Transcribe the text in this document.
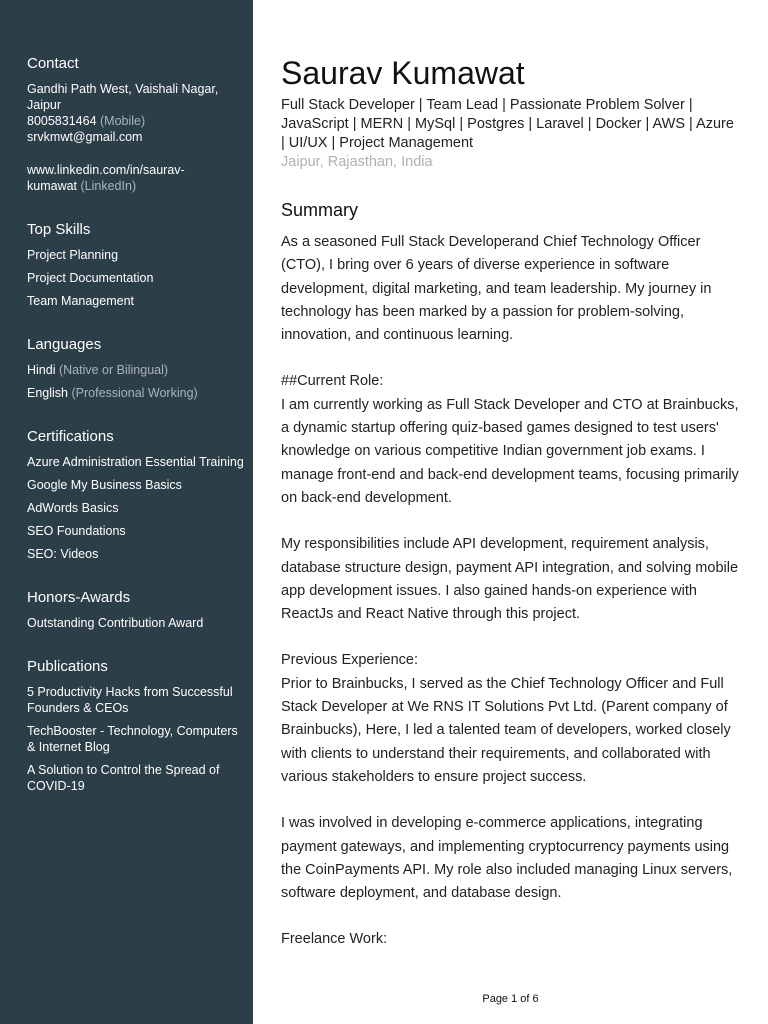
Contact
Gandhi Path West, Vaishali Nagar,
Jaipur
8005831464 (Mobile)
srvkmwt@gmail.com
www.linkedin.com/in/saurav-
kumawat (LinkedIn)
Top Skills
Project Planning
Project Documentation
Team Management
Languages
Hindi (Native or Bilingual)
English (Professional Working)
Certifications
Azure Administration Essential Training
Google My Business Basics
AdWords Basics
SEO Foundations
SEO: Videos
Honors-Awards
Outstanding Contribution Award
Publications
5 Productivity Hacks from Successful Founders & CEOs
TechBooster - Technology, Computers & Internet Blog
A Solution to Control the Spread of COVID-19
Saurav Kumawat
Full Stack Developer | Team Lead | Passionate Problem Solver | JavaScript | MERN | MySql | Postgres | Laravel | Docker | AWS | Azure | UI/UX | Project Management
Jaipur, Rajasthan, India
Summary

As a seasoned Full Stack Developerand Chief Technology Officer (CTO), I bring over 6 years of diverse experience in software development, digital marketing, and team leadership. My journey in technology has been marked by a passion for problem-solving, innovation, and continuous learning.

##Current Role:

I am currently working as Full Stack Developer and CTO at Brainbucks, a dynamic startup offering quiz-based games designed to test users' knowledge on various competitive Indian government job exams. I manage front-end and back-end development teams, focusing primarily on back-end development.

My responsibilities include API development, requirement analysis, database structure design, payment API integration, and solving mobile app development issues. I also gained hands-on experience with ReactJs and React Native through this project.

Previous Experience:

Prior to Brainbucks, I served as the Chief Technology Officer and Full Stack Developer at We RNS IT Solutions Pvt Ltd. (Parent company of Brainbucks), Here, I led a talented team of developers, worked closely with clients to understand their requirements, and collaborated with various stakeholders to ensure project success.

I was involved in developing e-commerce applications, integrating payment gateways, and implementing cryptocurrency payments using the CoinPayments API. My role also included managing Linux servers, software deployment, and database design.

Freelance Work:

Page 1 of 6
